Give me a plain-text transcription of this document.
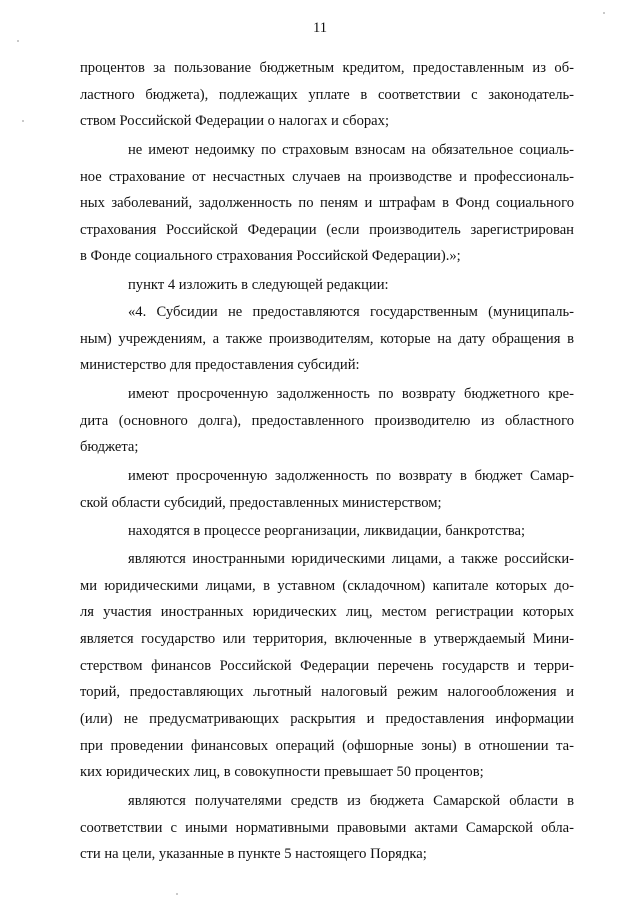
11
процентов за пользование бюджетным кредитом, предоставленным из об-
ластного бюджета), подлежащих уплате в соответствии с законодатель-
ством Российской Федерации о налогах и сборах;
не имеют недоимку по страховым взносам на обязательное социаль-
ное страхование от несчастных случаев на производстве и профессиональ-
ных заболеваний, задолженность по пеням и штрафам в Фонд социального
страхования Российской Федерации (если производитель зарегистрирован
в Фонде социального страхования Российской Федерации).»;
пункт 4 изложить в следующей редакции:
«4. Субсидии не предоставляются государственным (муниципаль-
ным) учреждениям, а также производителям, которые на дату обращения в
министерство для предоставления субсидий:
имеют просроченную задолженность по возврату бюджетного кре-
дита (основного долга), предоставленного производителю из областного
бюджета;
имеют просроченную задолженность по возврату в бюджет Самар-
ской области субсидий, предоставленных министерством;
находятся в процессе реорганизации, ликвидации, банкротства;
являются иностранными юридическими лицами, а также российски-
ми юридическими лицами, в уставном (складочном) капитале которых до-
ля участия иностранных юридических лиц, местом регистрации которых
является государство или территория, включенные в утверждаемый Мини-
стерством финансов Российской Федерации перечень государств и терри-
торий, предоставляющих льготный налоговый режим налогообложения и
(или) не предусматривающих раскрытия и предоставления информации
при проведении финансовых операций (офшорные зоны) в отношении та-
ких юридических лиц, в совокупности превышает 50 процентов;
являются получателями средств из бюджета Самарской области в
соответствии с иными нормативными правовыми актами Самарской обла-
сти на цели, указанные в пункте 5 настоящего Порядка;
